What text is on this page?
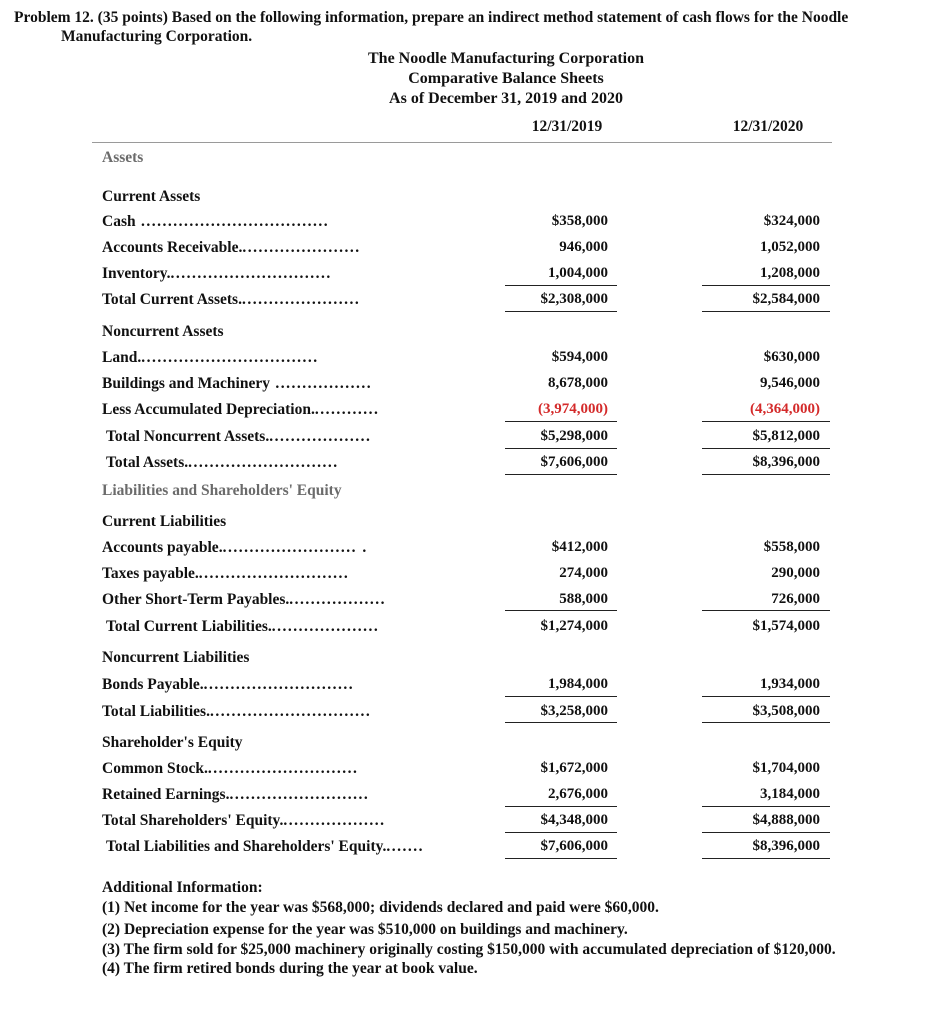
Problem 12. (35 points) Based on the following information, prepare an indirect method statement of cash flows for the Noodle
Manufacturing Corporation.
The Noodle Manufacturing Corporation
Comparative Balance Sheets
As of December 31, 2019 and 2020
12/31/2019	12/31/2020
Assets
Current Assets
Cash ...................................	$358,000	$324,000
Accounts Receivable.......................	946,000	1,052,000
Inventory...............................	1,004,000	1,208,000
Total Current Assets.......................	$2,308,000	$2,584,000
Noncurrent Assets
Land..................................	$594,000	$630,000
Buildings and Machinery ..................	8,678,000	9,546,000
Less Accumulated Depreciation.............	(3,974,000)	(4,364,000)
Total Noncurrent Assets....................	$5,298,000	$5,812,000
Total Assets.............................	$7,606,000	$8,396,000
Liabilities and Shareholders' Equity
Current Liabilities
Accounts payable.......................... .	$412,000	$558,000
Taxes payable.............................	274,000	290,000
Other Short-Term Payables...................	588,000	726,000
Total Current Liabilities.....................	$1,274,000	$1,574,000
Noncurrent Liabilities
Bonds Payable.............................	1,984,000	1,934,000
Total Liabilities...............................	$3,258,000	$3,508,000
Shareholder's Equity
Common Stock.............................	$1,672,000	$1,704,000
Retained Earnings...........................	2,676,000	3,184,000
Total Shareholders' Equity....................	$4,348,000	$4,888,000
Total Liabilities and Shareholders' Equity........	$7,606,000	$8,396,000
Additional Information:
(1) Net income for the year was $568,000; dividends declared and paid were $60,000.
(2) Depreciation expense for the year was $510,000 on buildings and machinery.
(3) The firm sold for $25,000 machinery originally costing $150,000 with accumulated depreciation of $120,000.
(4) The firm retired bonds during the year at book value.
